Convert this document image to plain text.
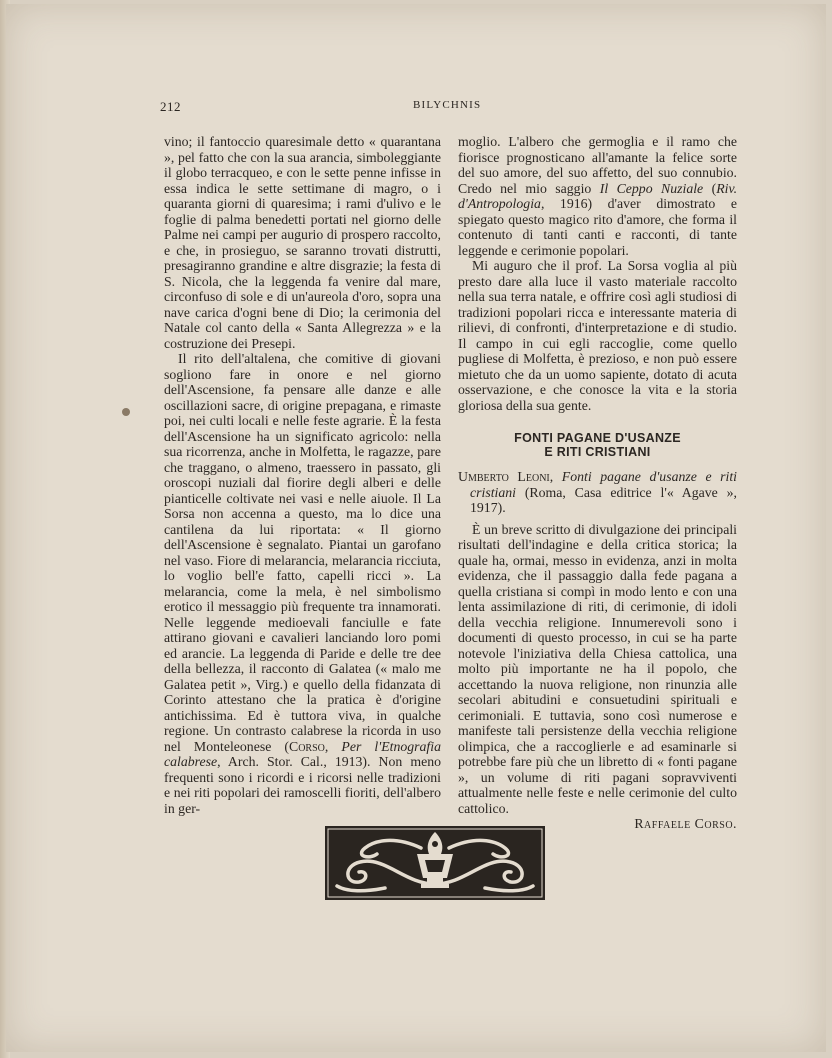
212	BILYCHNIS

vino; il fantoccio quaresimale detto « quarantana », pel fatto che con la sua arancia, simboleggiante il globo terracqueo, e con le sette penne infisse in essa indica le sette settimane di magro, o i quaranta giorni di quaresima; i rami d'ulivo e le foglie di palma benedetti portati nel giorno delle Palme nei campi per augurio di prospero raccolto, e che, in prosieguo, se saranno trovati distrutti, presagiranno grandine e altre disgrazie; la festa di S. Nicola, che la leggenda fa venire dal mare, circonfuso di sole e di un'aureola d'oro, sopra una nave carica d'ogni bene di Dio; la cerimonia del Natale col canto della « Santa Allegrezza » e la costruzione dei Presepi.

Il rito dell'altalena, che comitive di giovani sogliono fare in onore e nel giorno dell'Ascensione, fa pensare alle danze e alle oscillazioni sacre, di origine prepagana, e rimaste poi, nei culti locali e nelle feste agrarie. È la festa dell'Ascensione ha un significato agricolo: nella sua ricorrenza, anche in Molfetta, le ragazze, pare che traggano, o almeno, traessero in passato, gli oroscopi nuziali dal fiorire degli alberi e delle pianticelle coltivate nei vasi e nelle aiuole. Il La Sorsa non accenna a questo, ma lo dice una cantilena da lui riportata: « Il giorno dell'Ascensione è segnalato. Piantai un garofano nel vaso. Fiore di melarancia, melarancia ricciuta, lo voglio bell'e fatto, capelli ricci ». La melarancia, come la mela, è nel simbolismo erotico il messaggio più frequente tra innamorati. Nelle leggende medioevali fanciulle e fate attirano giovani e cavalieri lanciando loro pomi ed arancie. La leggenda di Paride e delle tre dee della bellezza, il racconto di Galatea (« malo me Galatea petit », Virg.) e quello della fidanzata di Corinto attestano che la pratica è d'origine antichissima. Ed è tuttora viva, in qualche regione. Un contrasto calabrese la ricorda in uso nel Monteleonese (Corso, Per l'Etnografia calabrese, Arch. Stor. Cal., 1913). Non meno frequenti sono i ricordi e i ricorsi nelle tradizioni e nei riti popolari dei ramoscelli fioriti, dell'albero in ger-

moglio. L'albero che germoglia e il ramo che fiorisce prognosticano all'amante la felice sorte del suo amore, del suo affetto, del suo connubio. Credo nel mio saggio Il Ceppo Nuziale (Riv. d'Antropologia, 1916) d'aver dimostrato e spiegato questo magico rito d'amore, che forma il contenuto di tanti canti e racconti, di tante leggende e cerimonie popolari.

Mi auguro che il prof. La Sorsa voglia al più presto dare alla luce il vasto materiale raccolto nella sua terra natale, e offrire così agli studiosi di tradizioni popolari ricca e interessante materia di rilievi, di confronti, d'interpretazione e di studio. Il campo in cui egli raccoglie, come quello pugliese di Molfetta, è prezioso, e non può essere mietuto che da un uomo sapiente, dotato di acuta osservazione, e che conosce la vita e la storia gloriosa della sua gente.

FONTI PAGANE D'USANZE
E RITI CRISTIANI

Umberto Leoni, Fonti pagane d'usanze e riti cristiani (Roma, Casa editrice l'« Agave », 1917).

È un breve scritto di divulgazione dei principali risultati dell'indagine e della critica storica; la quale ha, ormai, messo in evidenza, anzi in molta evidenza, che il passaggio dalla fede pagana a quella cristiana si compì in modo lento e con una lenta assimilazione di riti, di cerimonie, di idoli della vecchia religione. Innumerevoli sono i documenti di questo processo, in cui se ha parte notevole l'iniziativa della Chiesa cattolica, una molto più importante ne ha il popolo, che accettando la nuova religione, non rinunzia alle secolari abitudini e consuetudini spirituali e cerimoniali. E tuttavia, sono così numerose e manifeste tali persistenze della vecchia religione olimpica, che a raccoglierle e ad esaminarle si potrebbe fare più che un libretto di « fonti pagane », un volume di riti pagani sopravviventi attualmente nelle feste e nelle cerimonie del culto cattolico.

Raffaele Corso.
